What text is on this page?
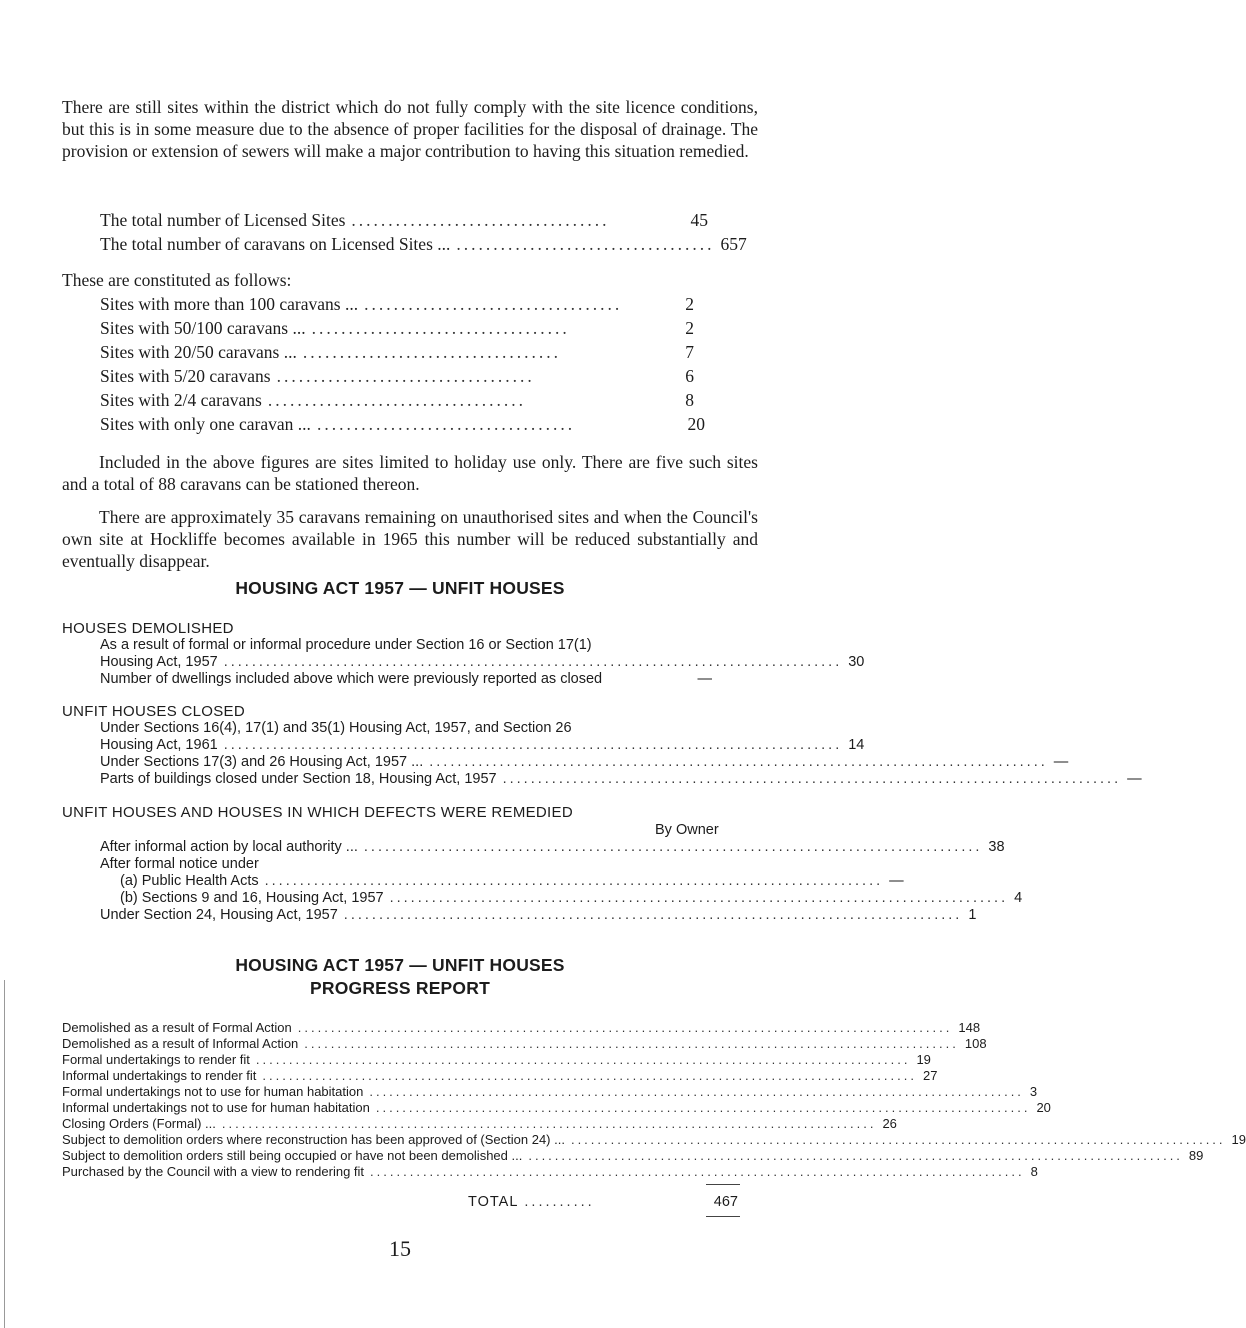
There are still sites within the district which do not fully comply with the site licence conditions, but this is in some measure due to the absence of proper facilities for the disposal of drainage. The provision or extension of sewers will make a major contribution to having this situation remedied.

The total number of Licensed Sites ...................................	45
The total number of caravans on Licensed Sites ... ................................... 657
These are constituted as follows:
Sites with more than 100 caravans ... ...................................	2
Sites with 50/100 caravans ... ...................................	2
Sites with 20/50 caravans ... ...................................	7
Sites with 5/20 caravans ...................................	6
Sites with 2/4 caravans ...................................	8
Sites with only one caravan ... ...................................	20

Included in the above figures are sites limited to holiday use only. There are five such sites and a total of 88 caravans can be stationed thereon.

There are approximately 35 caravans remaining on unauthorised sites and when the Council's own site at Hockliffe becomes available in 1965 this number will be reduced substantially and eventually disappear.

HOUSING ACT 1957 — UNFIT HOUSES
HOUSES DEMOLISHED
As a result of formal or informal procedure under Section 16 or Section 17(1)
Housing Act, 1957 ........................................................................................ 30
Number of dwellings included above which were previously reported as closed	—
UNFIT HOUSES CLOSED
Under Sections 16(4), 17(1) and 35(1) Housing Act, 1957, and Section 26
Housing Act, 1961 ........................................................................................ 14
Under Sections 17(3) and 26 Housing Act, 1957 ... ........................................................................................ —
Parts of buildings closed under Section 18, Housing Act, 1957 ........................................................................................ —
UNFIT HOUSES AND HOUSES IN WHICH DEFECTS WERE REMEDIED
By Owner
After informal action by local authority ... ........................................................................................ 38
After formal notice under
(a) Public Health Acts ........................................................................................ —
(b) Sections 9 and 16, Housing Act, 1957 ........................................................................................ 4
Under Section 24, Housing Act, 1957 ........................................................................................ 1
HOUSING ACT 1957 — UNFIT HOUSES
PROGRESS REPORT
Demolished as a result of Formal Action ................................................................................................... 148
Demolished as a result of Informal Action ................................................................................................... 108
Formal undertakings to render fit ................................................................................................... 19
Informal undertakings to render fit ................................................................................................... 27
Formal undertakings not to use for human habitation ................................................................................................... 3
Informal undertakings not to use for human habitation ................................................................................................... 20
Closing Orders (Formal) ... ................................................................................................... 26
Subject to demolition orders where reconstruction has been approved of (Section 24) ... ................................................................................................... 19
Subject to demolition orders still being occupied or have not been demolished ... ................................................................................................... 89
Purchased by the Council with a view to rendering fit ................................................................................................... 8
TOTAL ..........	467
15
